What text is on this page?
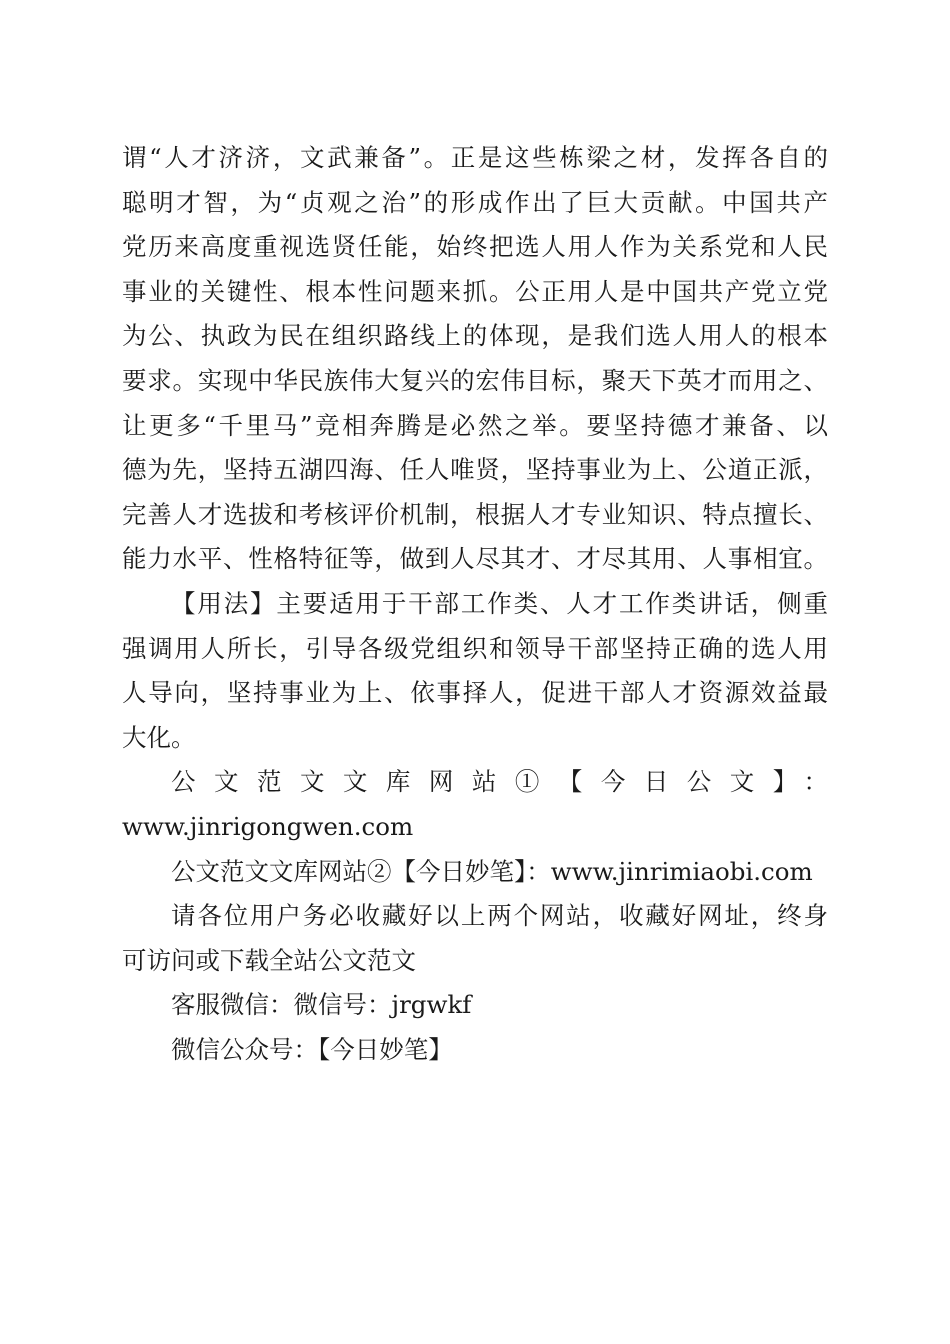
谓“人才济济，文武兼备”。正是这些栋梁之材，发挥各自的
聪明才智，为“贞观之治”的形成作出了巨大贡献。中国共产
党历来高度重视选贤任能，始终把选人用人作为关系党和人民
事业的关键性、根本性问题来抓。公正用人是中国共产党立党
为公、执政为民在组织路线上的体现，是我们选人用人的根本
要求。实现中华民族伟大复兴的宏伟目标，聚天下英才而用之、
让更多“千里马”竞相奔腾是必然之举。要坚持德才兼备、以
德为先，坚持五湖四海、任人唯贤，坚持事业为上、公道正派，
完善人才选拔和考核评价机制，根据人才专业知识、特点擅长、
能力水平、性格特征等，做到人尽其才、才尽其用、人事相宜。
【用法】主要适用于干部工作类、人才工作类讲话，侧重
强调用人所长，引导各级党组织和领导干部坚持正确的选人用
人导向，坚持事业为上、依事择人，促进干部人才资源效益最
大化。
公文范文文库网站①【今日公文】：
www.jinrigongwen.com
公文范文文库网站②【今日妙笔】：www.jinrimiaobi.com
请各位用户务必收藏好以上两个网站，收藏好网址，终身
可访问或下载全站公文范文
客服微信：微信号：jrgwkf
微信公众号：【今日妙笔】
